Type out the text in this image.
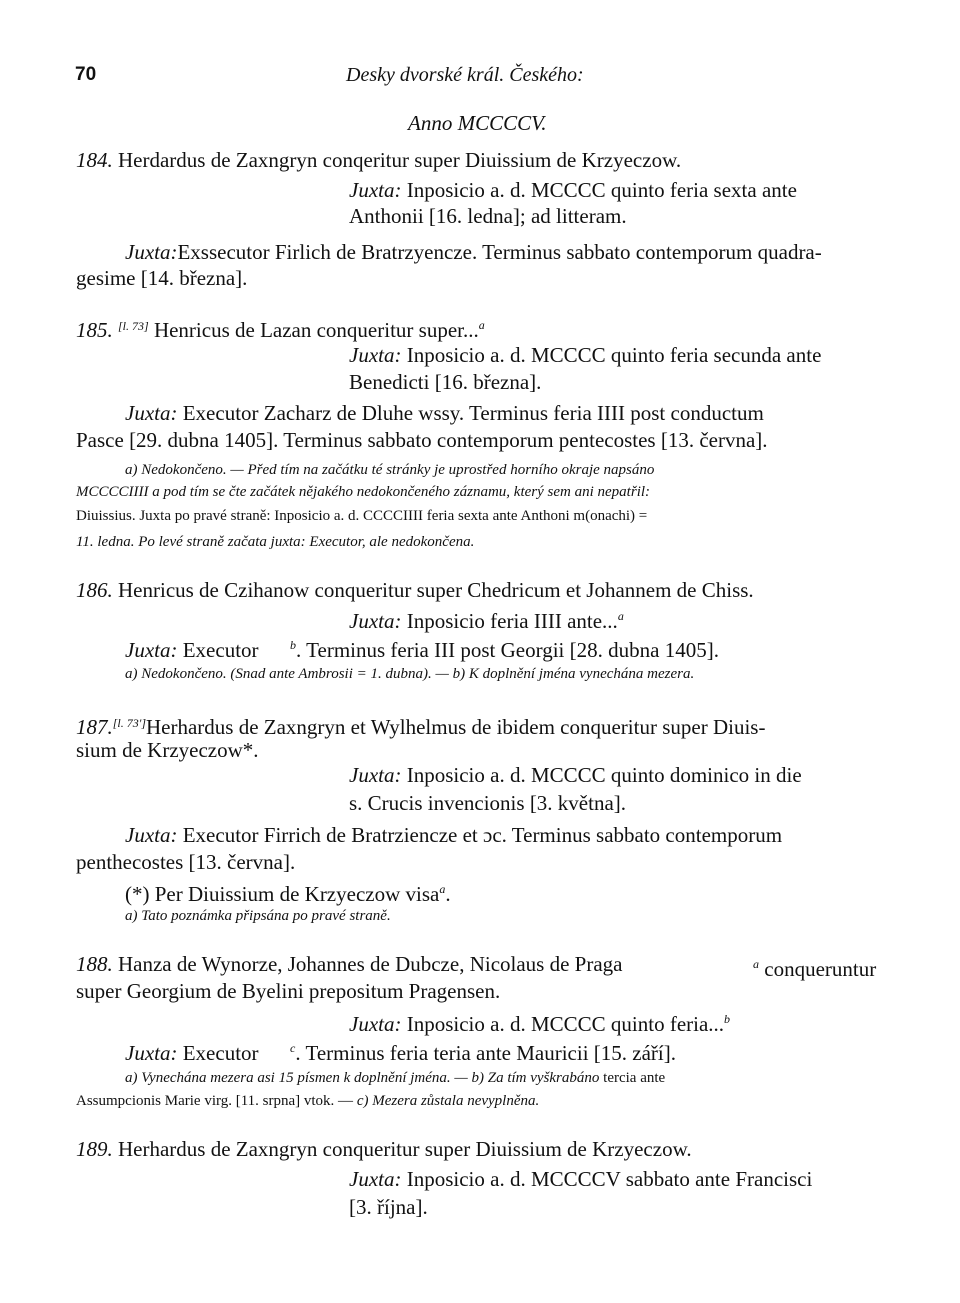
70	Desky dvorské král. Českého:
Anno MCCCCV.
184. Herdardus de Zaxngryn conqeritur super Diuissium de Krzyeczow.
Juxta: Inposicio a. d. MCCCC quinto feria sexta ante
Anthonii [16. ledna]; ad litteram.
Juxta:Exssecutor Firlich de Bratrzyencze. Terminus sabbato contemporum quadra-
gesime [14. března].
185. [l. 73] Henricus de Lazan conquerit​ur super...$^a$
Juxta: Inposicio a. d. MCCCC quinto feria secunda ante
Benedicti [16. března].
Juxta: Executor Zacharz de Dluhe wssy. Terminus feria IIII post conductum
Pasce [29. dubna 1405]. Terminus sabbato contemporum pentecostes [13. června].
a) Nedokončeno. — Před tím na začátku té stránky je uprostřed horního okraje napsáno
MCCCCIIII a pod tím se čte začátek nějakého nedokončeného záznamu, který sem ani nepatřil:
Diuissius. Juxta po pravé straně: Inposicio a. d. CCCCIIII feria sexta ante Anthoni m(onachi) =
11. ledna. Po levé straně začata juxta: Executor, ale nedokončena.
186. Henricus de Czihanow conquerit​ur super Chedricum et Johannem de Chiss.
Juxta: Inposicio feria IIII ante...$^a$
Juxta: Executor	$^b$. Terminus feria III post Georgii [28. dubna 1405].
a) Nedokončeno. (Snad ante Ambrosii = 1. dubna). — b) K doplnění jména vynechána mezera.
187.[l. 73']Herhardus de Zaxngryn et Wylhelmus de ibidem conqueritur super Diuis-
sium de Krzyeczow*.
Juxta: Inposicio a. d. MCCCC quinto dominico in die
s. Crucis invencionis [3. května].
Juxta: Executor Firrich de Bratrzi​encze et ɔc. Terminus sabbato contemporum
penthecostes [13. června].
(*) Per Diuissium de Krzyeczow visa$^a$.
a) Tato poznámka připsána po pravé straně.
188. Hanza de Wynorze, Johannes de Dubcze, Nicolaus de Praga	$^a$ conqueruntur
super Georgium de Byelini prepositum Pragensen.
Juxta: Inposicio a. d. MCCCC quinto feria...$^b$
Juxta: Executor	$^c$. Terminus feria teria ante Mauricii [15. září].
a) Vynechána mezera asi 15 písmen k doplnění jména. — b) Za tím vyškrabáno tercia ante
Assumpcionis Marie virg. [11. srpna] vtok. — c) Mezera zůstala nevyplněna.
189. Herhardus de Zaxngryn conqueritur super Diuissium de Krzyeczow.
Juxta: Inposicio a. d. MCCCCV sabbato ante Francisci
[3. října].
